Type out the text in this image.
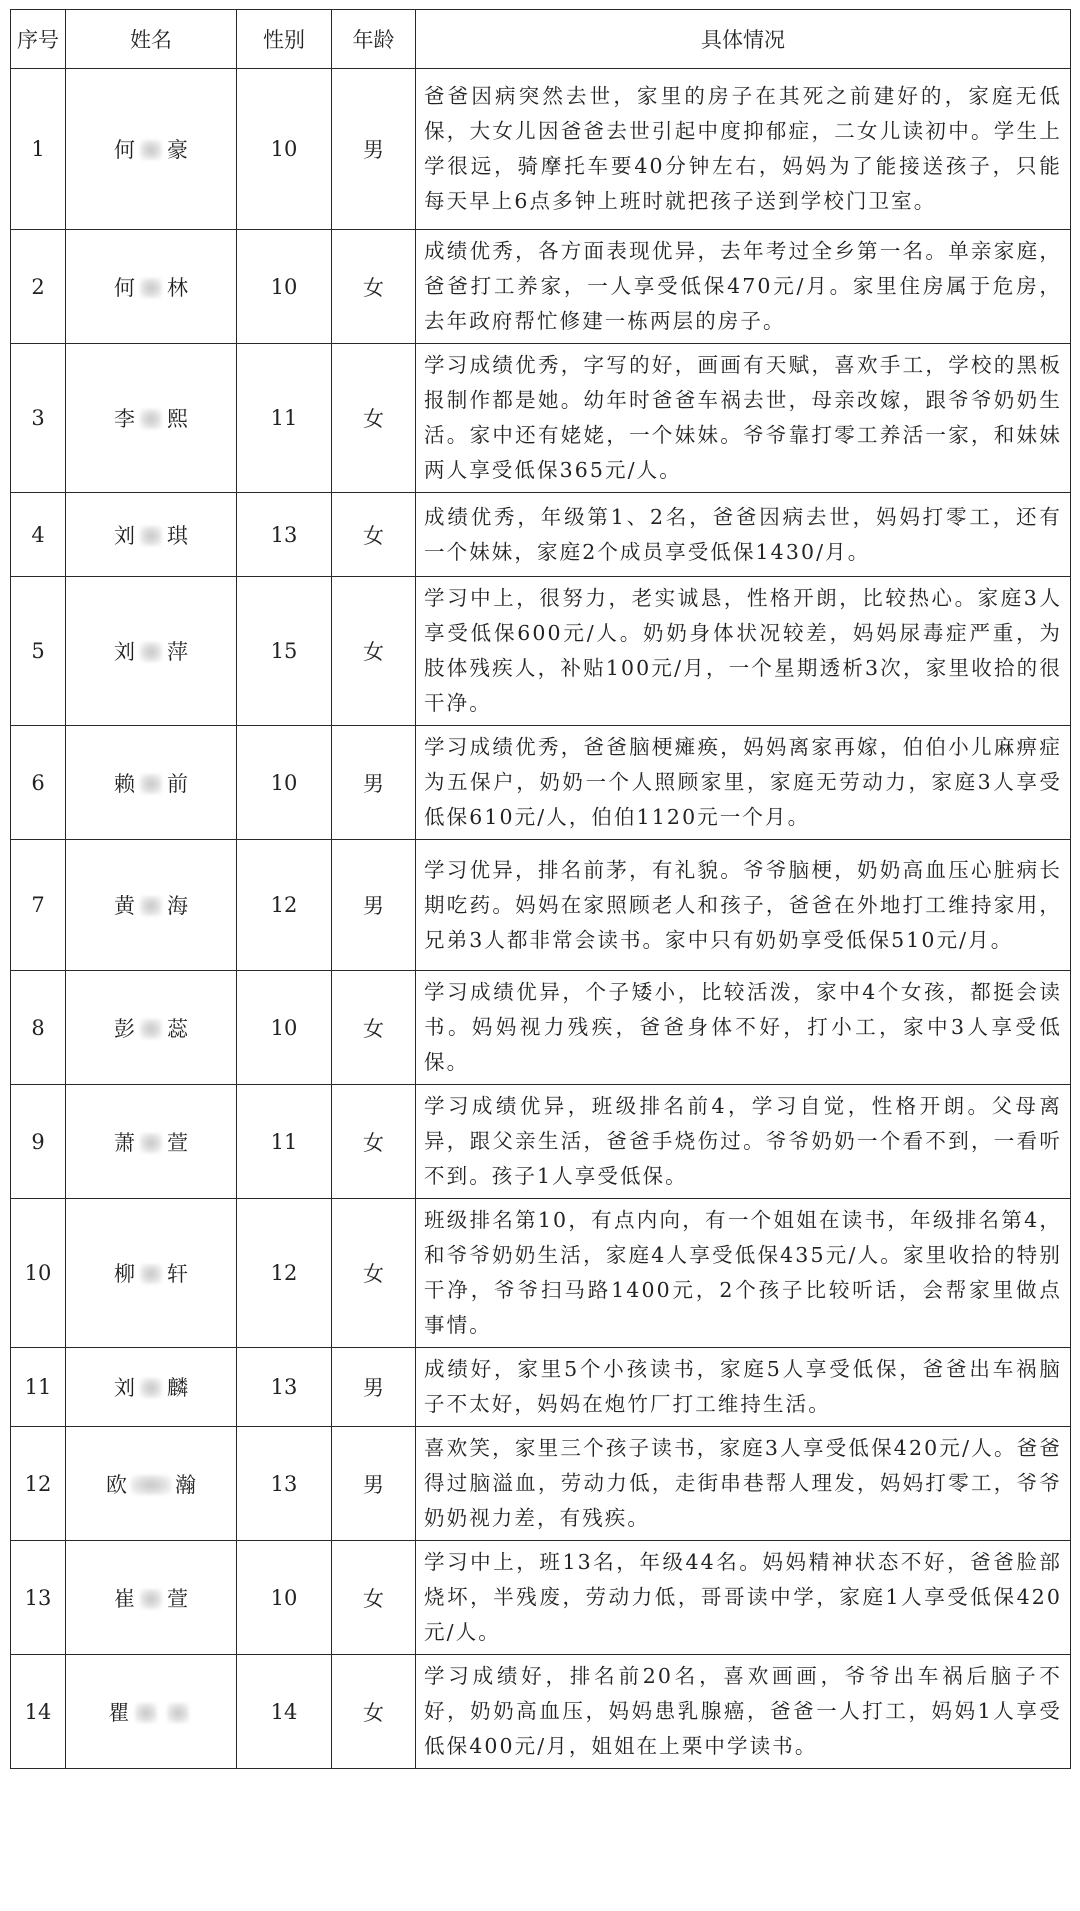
序号	姓名	性别	年龄	具体情况
1	何 豪	10	男	爸爸因病突然去世，家里的房子在其死之前建好的，家庭无低保，大女儿因爸爸去世引起中度抑郁症，二女儿读初中。学生上学很远，骑摩托车要40分钟左右，妈妈为了能接送孩子，只能每天早上6点多钟上班时就把孩子送到学校门卫室。
2	何 林	10	女	成绩优秀，各方面表现优异，去年考过全乡第一名。单亲家庭，爸爸打工养家，一人享受低保470元/月。家里住房属于危房，去年政府帮忙修建一栋两层的房子。
3	李 熙	11	女	学习成绩优秀，字写的好，画画有天赋，喜欢手工，学校的黑板报制作都是她。幼年时爸爸车祸去世，母亲改嫁，跟爷爷奶奶生活。家中还有姥姥，一个妹妹。爷爷靠打零工养活一家，和妹妹两人享受低保365元/人。
4	刘 琪	13	女	成绩优秀，年级第1、2名，爸爸因病去世，妈妈打零工，还有一个妹妹，家庭2个成员享受低保1430/月。
5	刘 萍	15	女	学习中上，很努力，老实诚恳，性格开朗，比较热心。家庭3人享受低保600元/人。奶奶身体状况较差，妈妈尿毒症严重，为肢体残疾人，补贴100元/月，一个星期透析3次，家里收拾的很干净。
6	赖 前	10	男	学习成绩优秀，爸爸脑梗瘫痪，妈妈离家再嫁，伯伯小儿麻痹症为五保户，奶奶一个人照顾家里，家庭无劳动力，家庭3人享受低保610元/人，伯伯1120元一个月。
7	黄 海	12	男	学习优异，排名前茅，有礼貌。爷爷脑梗，奶奶高血压心脏病长期吃药。妈妈在家照顾老人和孩子，爸爸在外地打工维持家用，兄弟3人都非常会读书。家中只有奶奶享受低保510元/月。
8	彭 蕊	10	女	学习成绩优异，个子矮小，比较活泼，家中4个女孩，都挺会读书。妈妈视力残疾，爸爸身体不好，打小工，家中3人享受低保。
9	萧 萱	11	女	学习成绩优异，班级排名前4，学习自觉，性格开朗。父母离异，跟父亲生活，爸爸手烧伤过。爷爷奶奶一个看不到，一看听不到。孩子1人享受低保。
10	柳 轩	12	女	班级排名第10，有点内向，有一个姐姐在读书，年级排名第4，和爷爷奶奶生活，家庭4人享受低保435元/人。家里收拾的特别干净，爷爷扫马路1400元，2个孩子比较听话，会帮家里做点事情。
11	刘 麟	13	男	成绩好，家里5个小孩读书，家庭5人享受低保，爸爸出车祸脑子不太好，妈妈在炮竹厂打工维持生活。
12	欧 瀚	13	男	喜欢笑，家里三个孩子读书，家庭3人享受低保420元/人。爸爸得过脑溢血，劳动力低，走街串巷帮人理发，妈妈打零工，爷爷奶奶视力差，有残疾。
13	崔 萱	10	女	学习中上，班13名，年级44名。妈妈精神状态不好，爸爸脸部烧坏，半残废，劳动力低，哥哥读中学，家庭1人享受低保420元/人。
14	瞿	14	女	学习成绩好，排名前20名，喜欢画画，爷爷出车祸后脑子不好，奶奶高血压，妈妈患乳腺癌，爸爸一人打工，妈妈1人享受低保400元/月，姐姐在上栗中学读书。
